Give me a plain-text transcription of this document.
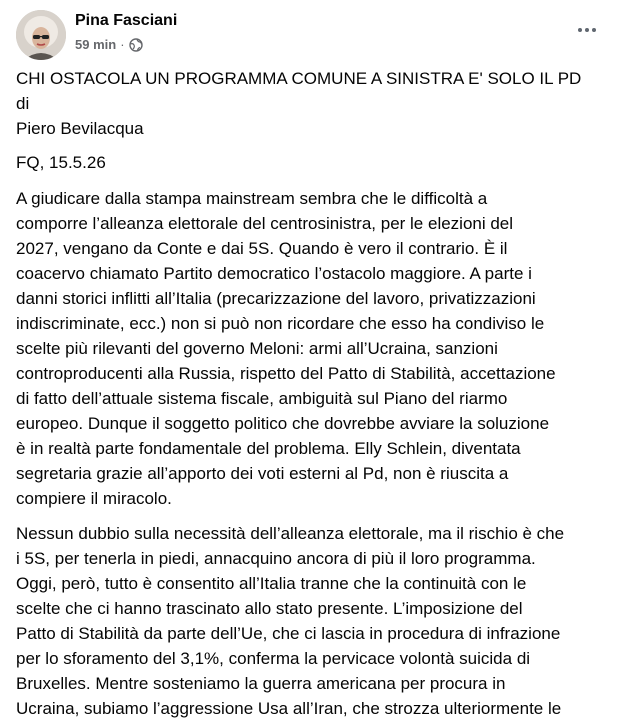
Pina Fasciani
59 min ·
CHI OSTACOLA UN PROGRAMMA COMUNE A SINISTRA E' SOLO IL PD
di
Piero Bevilacqua
FQ, 15.5.26
A giudicare dalla stampa mainstream sembra che le difficoltà a
comporre l’alleanza elettorale del centrosinistra, per le elezioni del
2027, vengano da Conte e dai 5S. Quando è vero il contrario. È il
coacervo chiamato Partito democratico l’ostacolo maggiore. A parte i
danni storici inflitti all’Italia (precarizzazione del lavoro, privatizzazioni
indiscriminate, ecc.) non si può non ricordare che esso ha condiviso le
scelte più rilevanti del governo Meloni: armi all’Ucraina, sanzioni
controproducenti alla Russia, rispetto del Patto di Stabilità, accettazione
di fatto dell’attuale sistema fiscale, ambiguità sul Piano del riarmo
europeo. Dunque il soggetto politico che dovrebbe avviare la soluzione
è in realtà parte fondamentale del problema. Elly Schlein, diventata
segretaria grazie all’apporto dei voti esterni al Pd, non è riuscita a
compiere il miracolo.
Nessun dubbio sulla necessità dell’alleanza elettorale, ma il rischio è che
i 5S, per tenerla in piedi, annacquino ancora di più il loro programma.
Oggi, però, tutto è consentito all’Italia tranne che la continuità con le
scelte che ci hanno trascinato allo stato presente. L’imposizione del
Patto di Stabilità da parte dell’Ue, che ci lascia in procedura di infrazione
per lo sforamento del 3,1%, conferma la pervicace volontà suicida di
Bruxelles. Mentre sosteniamo la guerra americana per procura in
Ucraina, subiamo l’aggressione Usa all’Iran, che strozza ulteriormente le
